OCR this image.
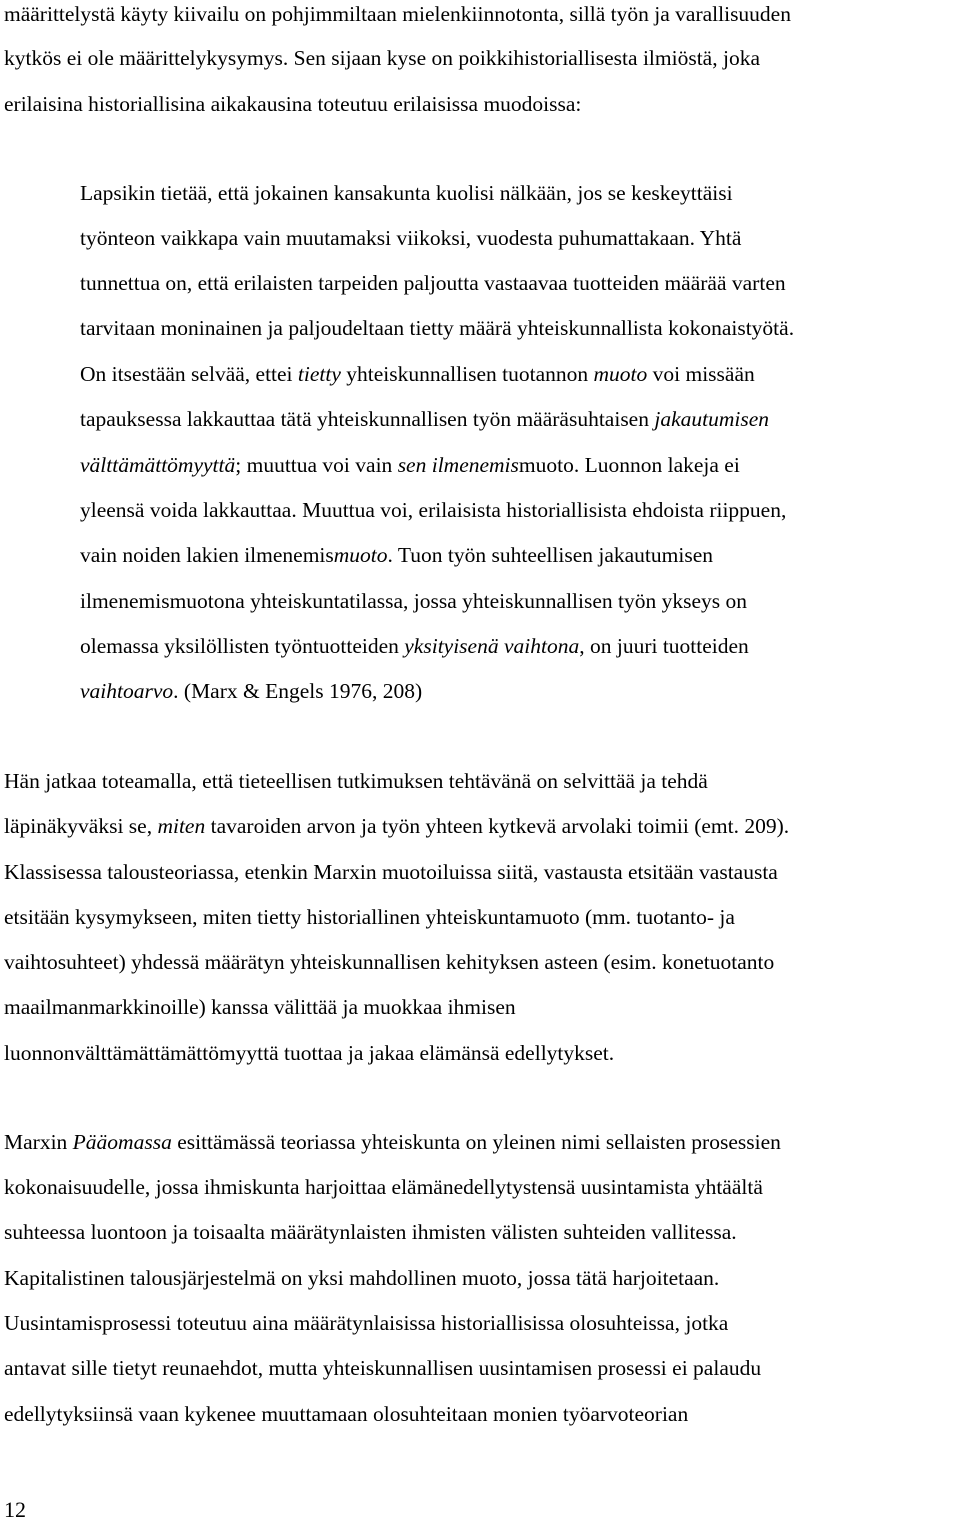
määrittelystä käyty kiivailu on pohjimmiltaan mielenkiinnotonta, sillä työn ja varallisuuden
kytkös ei ole määrittelykysymys. Sen sijaan kyse on poikkihistoriallisesta ilmiöstä, joka
erilaisina historiallisina aikakausina toteutuu erilaisissa muodoissa:
Lapsikin tietää, että jokainen kansakunta kuolisi nälkään, jos se keskeyttäisi
työnteon vaikkapa vain muutamaksi viikoksi, vuodesta puhumattakaan. Yhtä
tunnettua on, että erilaisten tarpeiden paljoutta vastaavaa tuotteiden määrää varten
tarvitaan moninainen ja paljoudeltaan tietty määrä yhteiskunnallista kokonaistyötä.
On itsestään selvää, ettei tietty yhteiskunnallisen tuotannon muoto voi missään
tapauksessa lakkauttaa tätä yhteiskunnallisen työn määräsuhtaisen jakautumisen
välttämättömyyttä; muuttua voi vain sen ilmenemismuoto. Luonnon lakeja ei
yleensä voida lakkauttaa. Muuttua voi, erilaisista historiallisista ehdoista riippuen,
vain noiden lakien ilmenemismuoto. Tuon työn suhteellisen jakautumisen
ilmenemismuotona yhteiskuntatilassa, jossa yhteiskunnallisen työn ykseys on
olemassa yksilöllisten työntuotteiden yksityisenä vaihtona, on juuri tuotteiden
vaihtoarvo. (Marx & Engels 1976, 208)
Hän jatkaa toteamalla, että tieteellisen tutkimuksen tehtävänä on selvittää ja tehdä
läpinäkyväksi se, miten tavaroiden arvon ja työn yhteen kytkevä arvolaki toimii (emt. 209).
Klassisessa talousteoriassa, etenkin Marxin muotoiluissa siitä, vastausta etsitään vastausta
etsitään kysymykseen, miten tietty historiallinen yhteiskuntamuoto (mm. tuotanto- ja
vaihtosuhteet) yhdessä määrätyn yhteiskunnallisen kehityksen asteen (esim. konetuotanto
maailmanmarkkinoille) kanssa välittää ja muokkaa ihmisen
luonnonvälttämättämättömyyttä tuottaa ja jakaa elämänsä edellytykset.
Marxin Pääomassa esittämässä teoriassa yhteiskunta on yleinen nimi sellaisten prosessien
kokonaisuudelle, jossa ihmiskunta harjoittaa elämänedellytystensä uusintamista yhtäältä
suhteessa luontoon ja toisaalta määrätynlaisten ihmisten välisten suhteiden vallitessa.
Kapitalistinen talousjärjestelmä on yksi mahdollinen muoto, jossa tätä harjoitetaan.
Uusintamisprosessi toteutuu aina määrätynlaisissa historiallisissa olosuhteissa, jotka
antavat sille tietyt reunaehdot, mutta yhteiskunnallisen uusintamisen prosessi ei palaudu
edellytyksiinsä vaan kykenee muuttamaan olosuhteitaan monien työarvoteorian
12
